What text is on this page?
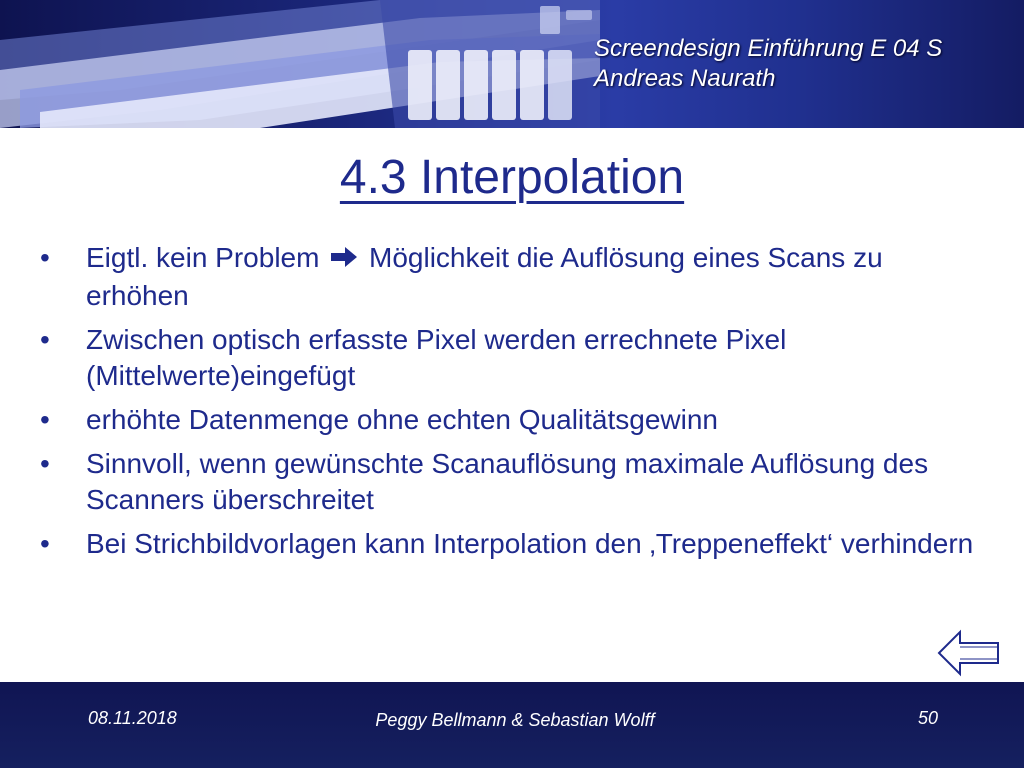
Screendesign Einführung E 04 S
Andreas Naurath
4.3 Interpolation
• Eigtl. kein Problem Möglichkeit die Auflösung eines Scans zu erhöhen
• Zwischen optisch erfasste Pixel werden errechnete Pixel (Mittelwerte)eingefügt
• erhöhte Datenmenge ohne echten Qualitätsgewinn
• Sinnvoll, wenn gewünschte Scanauflösung maximale Auflösung des Scanners überschreitet
• Bei Strichbildvorlagen kann Interpolation den ‚Treppeneffekt‘ verhindern
08.11.2018	Peggy Bellmann & Sebastian Wolff	50
